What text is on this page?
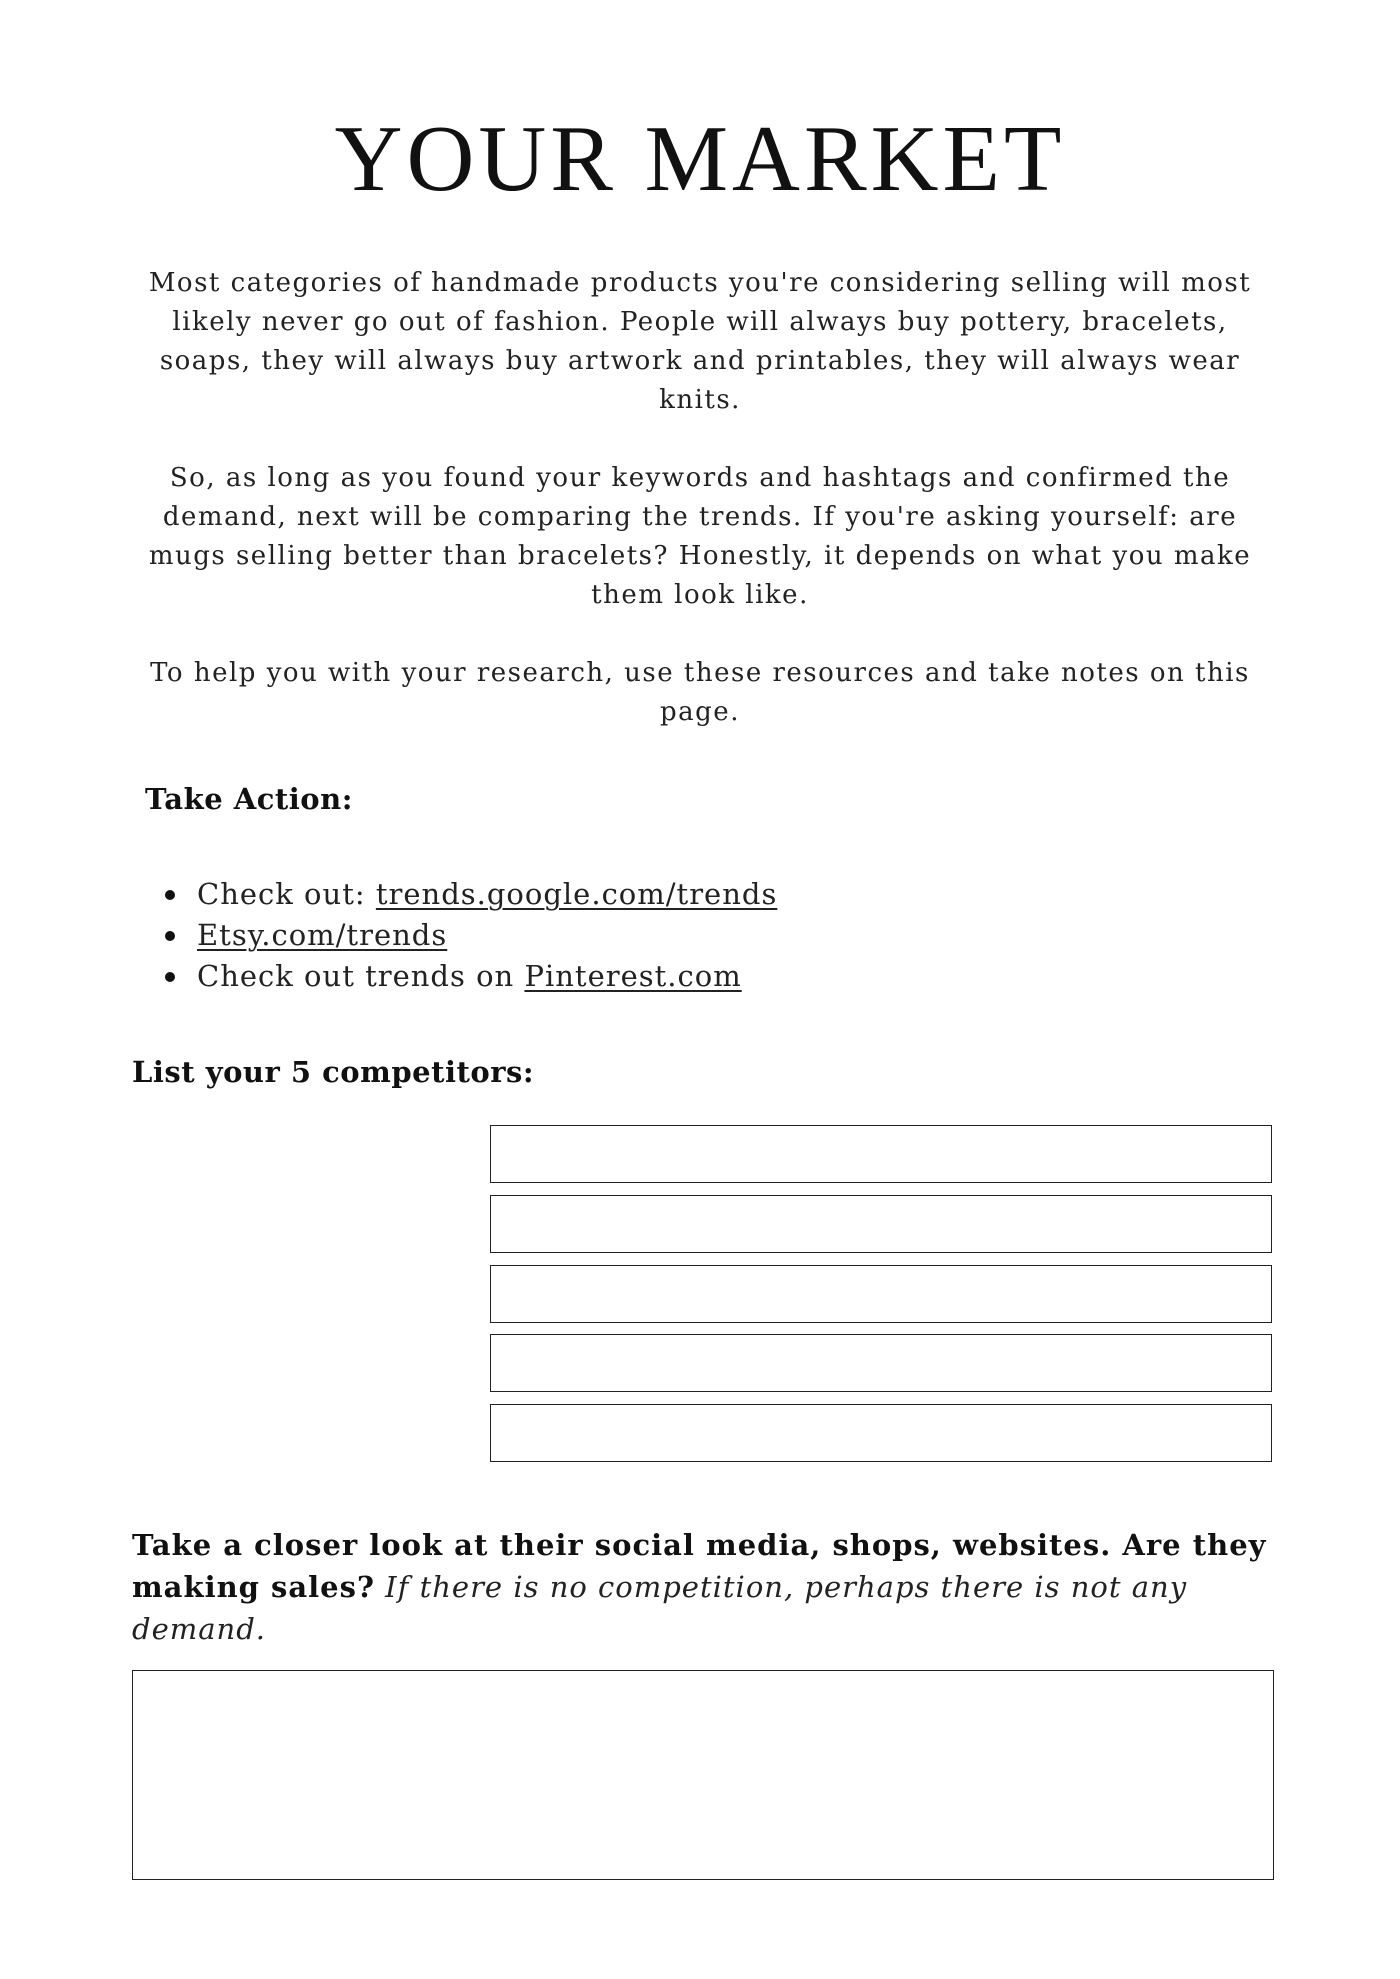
YOUR MARKET

Most categories of handmade products you're considering selling will most likely never go out of fashion. People will always buy pottery, bracelets, soaps, they will always buy artwork and printables, they will always wear knits.

So, as long as you found your keywords and hashtags and confirmed the demand, next will be comparing the trends. If you're asking yourself: are mugs selling better than bracelets? Honestly, it depends on what you make them look like.

To help you with your research, use these resources and take notes on this page.

Take Action:
Check out: trends.google.com/trends
Etsy.com/trends
Check out trends on Pinterest.com
List your 5 competitors:

Take a closer look at their social media, shops, websites. Are they making sales? If there is no competition, perhaps there is not any demand.
